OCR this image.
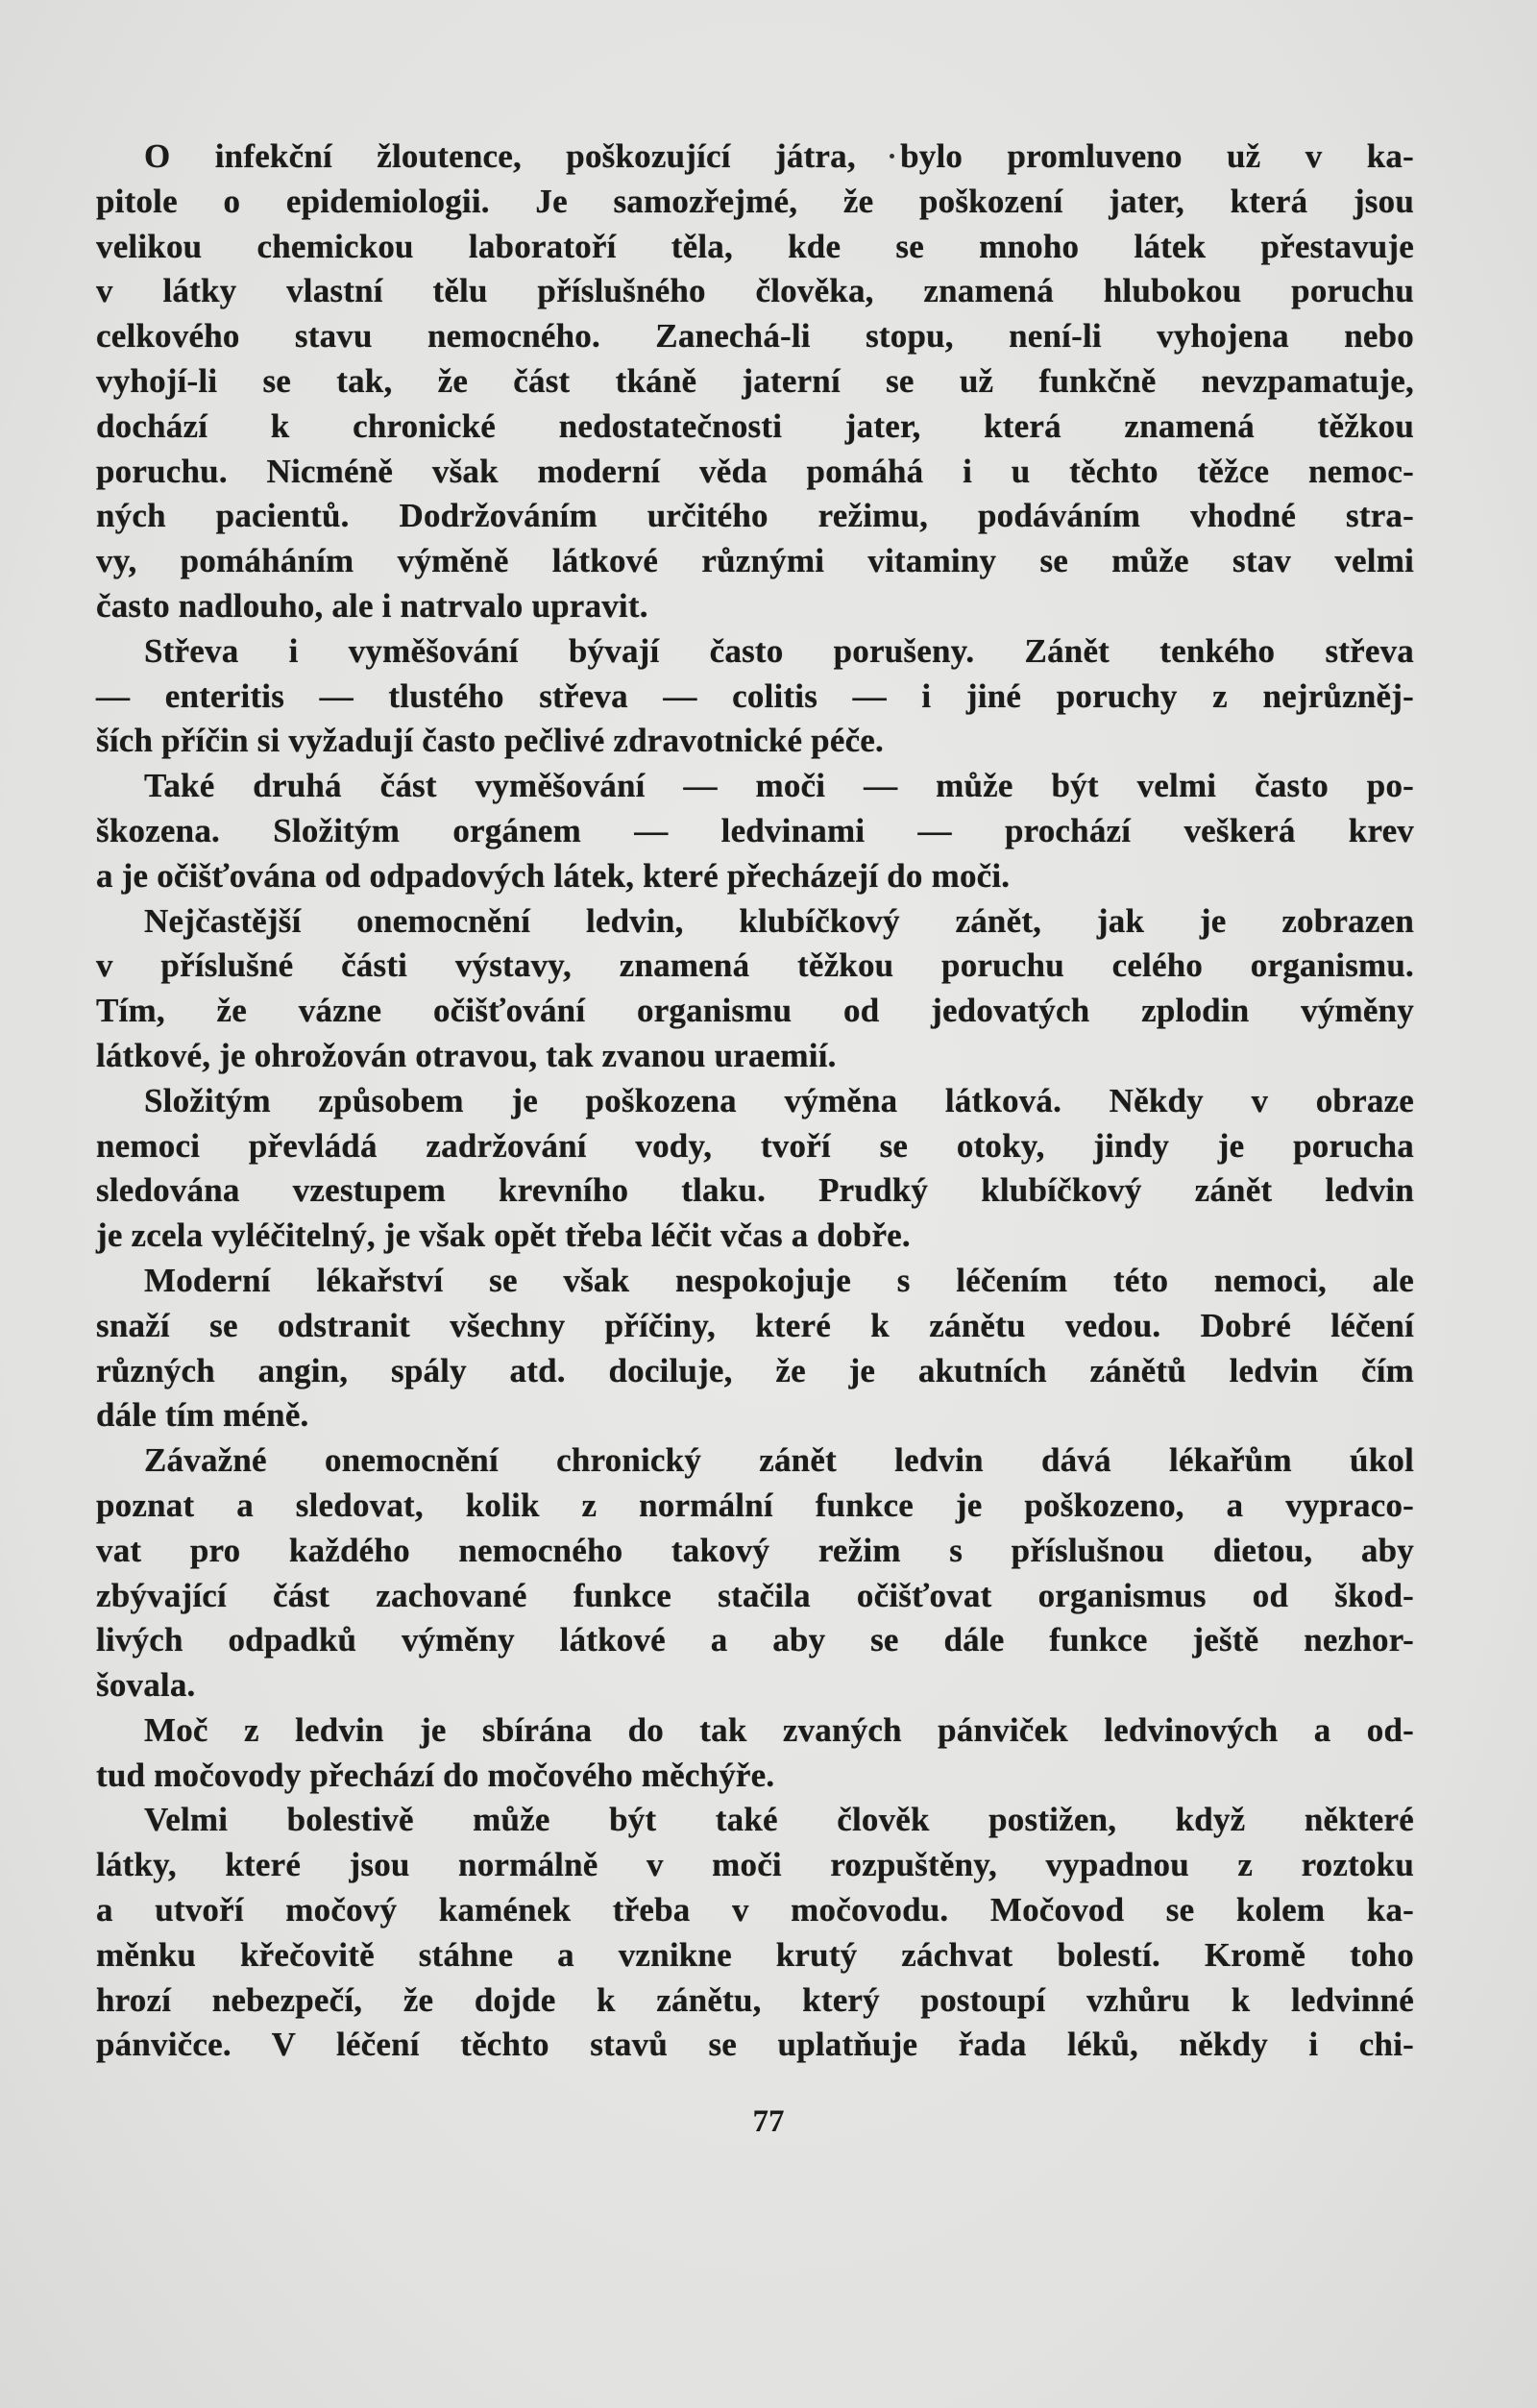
O infekční žloutence, poškozující játra, bylo promluveno už v ka-
pitole o epidemiologii. Je samozřejmé, že poškození jater, která jsou
velikou chemickou laboratoří těla, kde se mnoho látek přestavuje
v látky vlastní tělu příslušného člověka, znamená hlubokou poruchu
celkového stavu nemocného. Zanechá-li stopu, není-li vyhojena nebo
vyhojí-li se tak, že část tkáně jaterní se už funkčně nevzpamatuje,
dochází k chronické nedostatečnosti jater, která znamená těžkou
poruchu. Nicméně však moderní věda pomáhá i u těchto těžce nemoc-
ných pacientů. Dodržováním určitého režimu, podáváním vhodné stra-
vy, pomáháním výměně látkové různými vitaminy se může stav velmi
často nadlouho, ale i natrvalo upravit.
Střeva i vyměšování bývají často porušeny. Zánět tenkého střeva
— enteritis — tlustého střeva — colitis — i jiné poruchy z nejrůzněj-
ších příčin si vyžadují často pečlivé zdravotnické péče.
Také druhá část vyměšování — moči — může být velmi často po-
škozena. Složitým orgánem — ledvinami — prochází veškerá krev
a je očišťována od odpadových látek, které přecházejí do moči.
Nejčastější onemocnění ledvin, klubíčkový zánět, jak je zobrazen
v příslušné části výstavy, znamená těžkou poruchu celého organismu.
Tím, že vázne očišťování organismu od jedovatých zplodin výměny
látkové, je ohrožován otravou, tak zvanou uraemií.
Složitým způsobem je poškozena výměna látková. Někdy v obraze
nemoci převládá zadržování vody, tvoří se otoky, jindy je porucha
sledována vzestupem krevního tlaku. Prudký klubíčkový zánět ledvin
je zcela vyléčitelný, je však opět třeba léčit včas a dobře.
Moderní lékařství se však nespokojuje s léčením této nemoci, ale
snaží se odstranit všechny příčiny, které k zánětu vedou. Dobré léčení
různých angin, spály atd. dociluje, že je akutních zánětů ledvin čím
dále tím méně.
Závažné onemocnění chronický zánět ledvin dává lékařům úkol
poznat a sledovat, kolik z normální funkce je poškozeno, a vypraco-
vat pro každého nemocného takový režim s příslušnou dietou, aby
zbývající část zachované funkce stačila očišťovat organismus od škod-
livých odpadků výměny látkové a aby se dále funkce ještě nezhor-
šovala.
Moč z ledvin je sbírána do tak zvaných pánviček ledvinových a od-
tud močovody přechází do močového měchýře.
Velmi bolestivě může být také člověk postižen, když některé
látky, které jsou normálně v moči rozpuštěny, vypadnou z roztoku
a utvoří močový kamének třeba v močovodu. Močovod se kolem ka-
měnku křečovitě stáhne a vznikne krutý záchvat bolestí. Kromě toho
hrozí nebezpečí, že dojde k zánětu, který postoupí vzhůru k ledvinné
pánvičce. V léčení těchto stavů se uplatňuje řada léků, někdy i chi-
77
